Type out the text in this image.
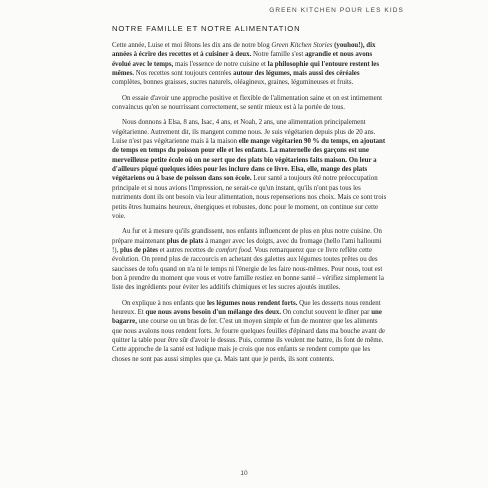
GREEN KITCHEN POUR LES KIDS
NOTRE FAMILLE ET NOTRE ALIMENTATION

Cette année, Luise et moi fêtons les dix ans de notre blog Green Kitchen Stories (youhou!), dix années à écrire des recettes et à cuisiner à deux. Notre famille s'est agrandie et nous avons évolué avec le temps, mais l'essence de notre cuisine et la philosophie qui l'entoure restent les mêmes. Nos recettes sont toujours centrées autour des légumes, mais aussi des céréales complètes, bonnes graisses, sucres naturels, oléagineux, graines, légumineuses et fruits.

On essaie d'avoir une approche positive et flexible de l'alimentation saine et on est intimement convaincus qu'en se nourrissant correctement, se sentir mieux est à la portée de tous.

Nous donnons à Elsa, 8 ans, Isac, 4 ans, et Noah, 2 ans, une alimentation principalement végétarienne. Autrement dit, ils mangent comme nous. Je suis végétarien depuis plus de 20 ans. Luise n'est pas végétarienne mais à la maison elle mange végétarien 90 % du temps, en ajoutant de temps en temps du poisson pour elle et les enfants. La maternelle des garçons est une merveilleuse petite école où on ne sert que des plats bio végétariens faits maison. On leur a d'ailleurs piqué quelques idées pour les inclure dans ce livre. Elsa, elle, mange des plats végétariens ou à base de poisson dans son école. Leur santé a toujours été notre préoccupation principale et si nous avions l'impression, ne serait-ce qu'un instant, qu'ils n'ont pas tous les nutriments dont ils ont besoin via leur alimentation, nous repenserions nos choix. Mais ce sont trois petits êtres humains heureux, énergiques et robustes, donc pour le moment, on continue sur cette voie.

Au fur et à mesure qu'ils grandissent, nos enfants influencent de plus en plus notre cuisine. On prépare maintenant plus de plats à manger avec les doigts, avec du fromage (hello l'ami halloumi !), plus de pâtes et autres recettes de comfort food. Vous remarquerez que ce livre reflète cette évolution. On prend plus de raccourcis en achetant des galettes aux légumes toutes prêtes ou des saucisses de tofu quand on n'a ni le temps ni l'énergie de les faire nous-mêmes. Pour nous, tout est bon à prendre du moment que vous et votre famille restiez en bonne santé – vérifiez simplement la liste des ingrédients pour éviter les additifs chimiques et les sucres ajoutés inutiles.

On explique à nos enfants que les légumes nous rendent forts. Que les desserts nous rendent heureux. Et que nous avons besoin d'un mélange des deux. On conclut souvent le dîner par une bagarre, une course ou un bras de fer. C'est un moyen simple et fun de montrer que les aliments que nous avalons nous rendent forts. Je fourre quelques feuilles d'épinard dans ma bouche avant de quitter la table pour être sûr d'avoir le dessus. Puis, comme ils veulent me battre, ils font de même. Cette approche de la santé est ludique mais je crois que nos enfants se rendent compte que les choses ne sont pas aussi simples que ça. Mais tant que je perds, ils sont contents.

10
